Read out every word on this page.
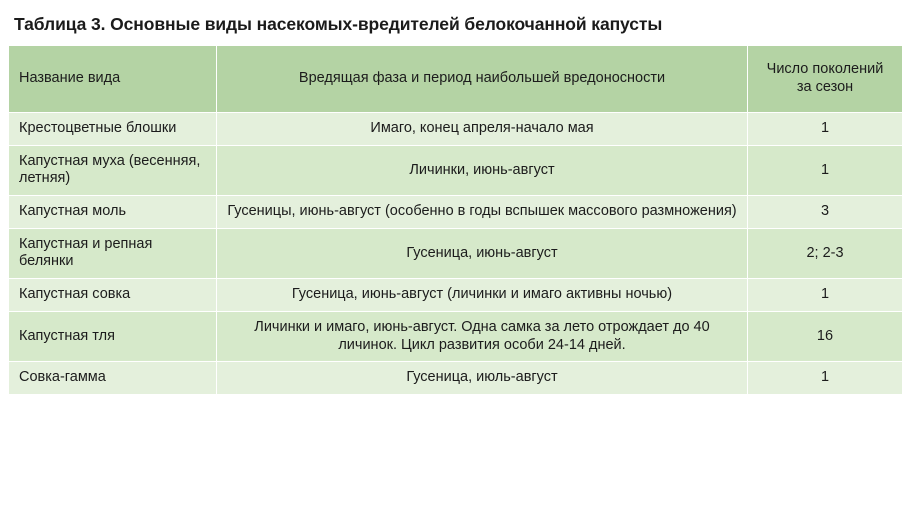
Таблица 3. Основные виды насекомых-вредителей белокочанной капусты
Название вида	Вредящая фаза и период наибольшей вредоносности	Число поколений за сезон
Крестоцветные блошки	Имаго, конец апреля-начало мая	1
Капустная муха (весенняя, летняя)	Личинки, июнь-август	1
Капустная моль	Гусеницы, июнь-август (особенно в годы вспышек массового размножения)	3
Капустная и репная белянки	Гусеница, июнь-август	2; 2-3
Капустная совка	Гусеница, июнь-август (личинки и имаго активны ночью)	1
Капустная тля	Личинки и имаго, июнь-август. Одна самка за лето отрождает до 40 личинок. Цикл развития особи 24-14 дней.	16
Совка-гамма	Гусеница, июль-август	1
